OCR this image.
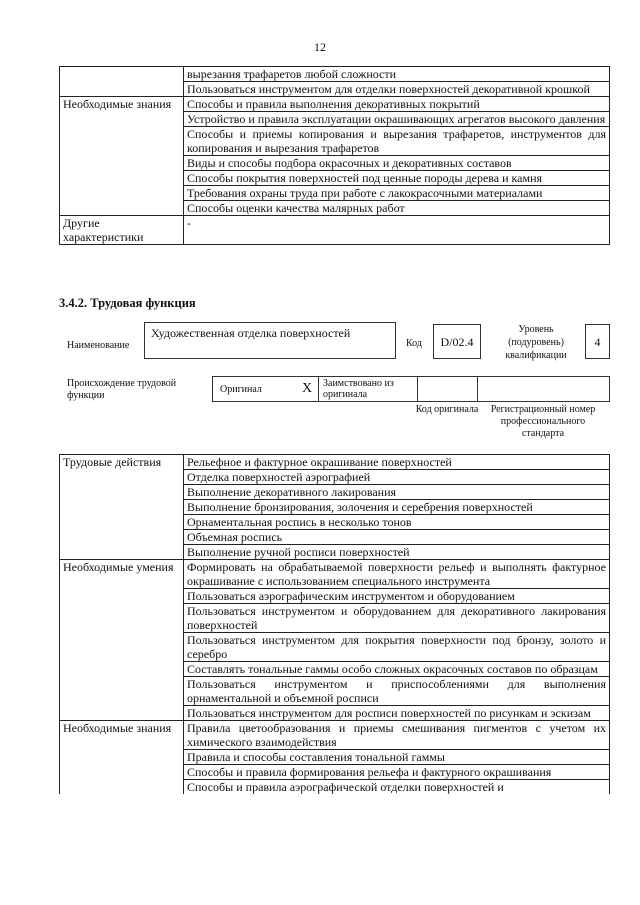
12
	вырезания трафаретов любой сложности
	Пользоваться инструментом для отделки поверхностей декоративной крошкой
Необходимые знания	Способы и правила выполнения декоративных покрытий
	Устройство и правила эксплуатации окрашивающих агрегатов высокого давления
	Способы и приемы копирования и вырезания трафаретов, инструментов для копирования и вырезания трафаретов
	Виды и способы подбора окрасочных и декоративных составов
	Способы покрытия поверхностей под ценные породы дерева и камня
	Требования охраны труда при работе с лакокрасочными материалами
	Способы оценки качества малярных работ
Другие характеристики	-
3.4.2. Трудовая функция
Наименование
Художественная отделка поверхностей
Код	D/02.4
Уровень (подуровень) квалификации
4
Происхождение трудовой функции
Оригинал	X Заимствовано из оригинала
Код оригинала	Регистрационный номер профессионального стандарта
Трудовые действия	Рельефное и фактурное окрашивание поверхностей
	Отделка поверхностей аэрографией
	Выполнение декоративного лакирования
	Выполнение бронзирования, золочения и серебрения поверхностей
	Орнаментальная роспись в несколько тонов
	Объемная роспись
	Выполнение ручной росписи поверхностей
Необходимые умения	Формировать на обрабатываемой поверхности рельеф и выполнять фактурное окрашивание с использованием специального инструмента
	Пользоваться аэрографическим инструментом и оборудованием
	Пользоваться инструментом и оборудованием для декоративного лакирования поверхностей
	Пользоваться инструментом для покрытия поверхности под бронзу, золото и серебро
	Составлять тональные гаммы особо сложных окрасочных составов по образцам
	Пользоваться инструментом и приспособлениями для выполнения орнаментальной и объемной росписи
	Пользоваться инструментом для росписи поверхностей по рисункам и эскизам
Необходимые знания	Правила цветообразования и приемы смешивания пигментов с учетом их химического взаимодействия
	Правила и способы составления тональной гаммы
	Способы и правила формирования рельефа и фактурного окрашивания
	Способы и правила аэрографической отделки поверхностей и
